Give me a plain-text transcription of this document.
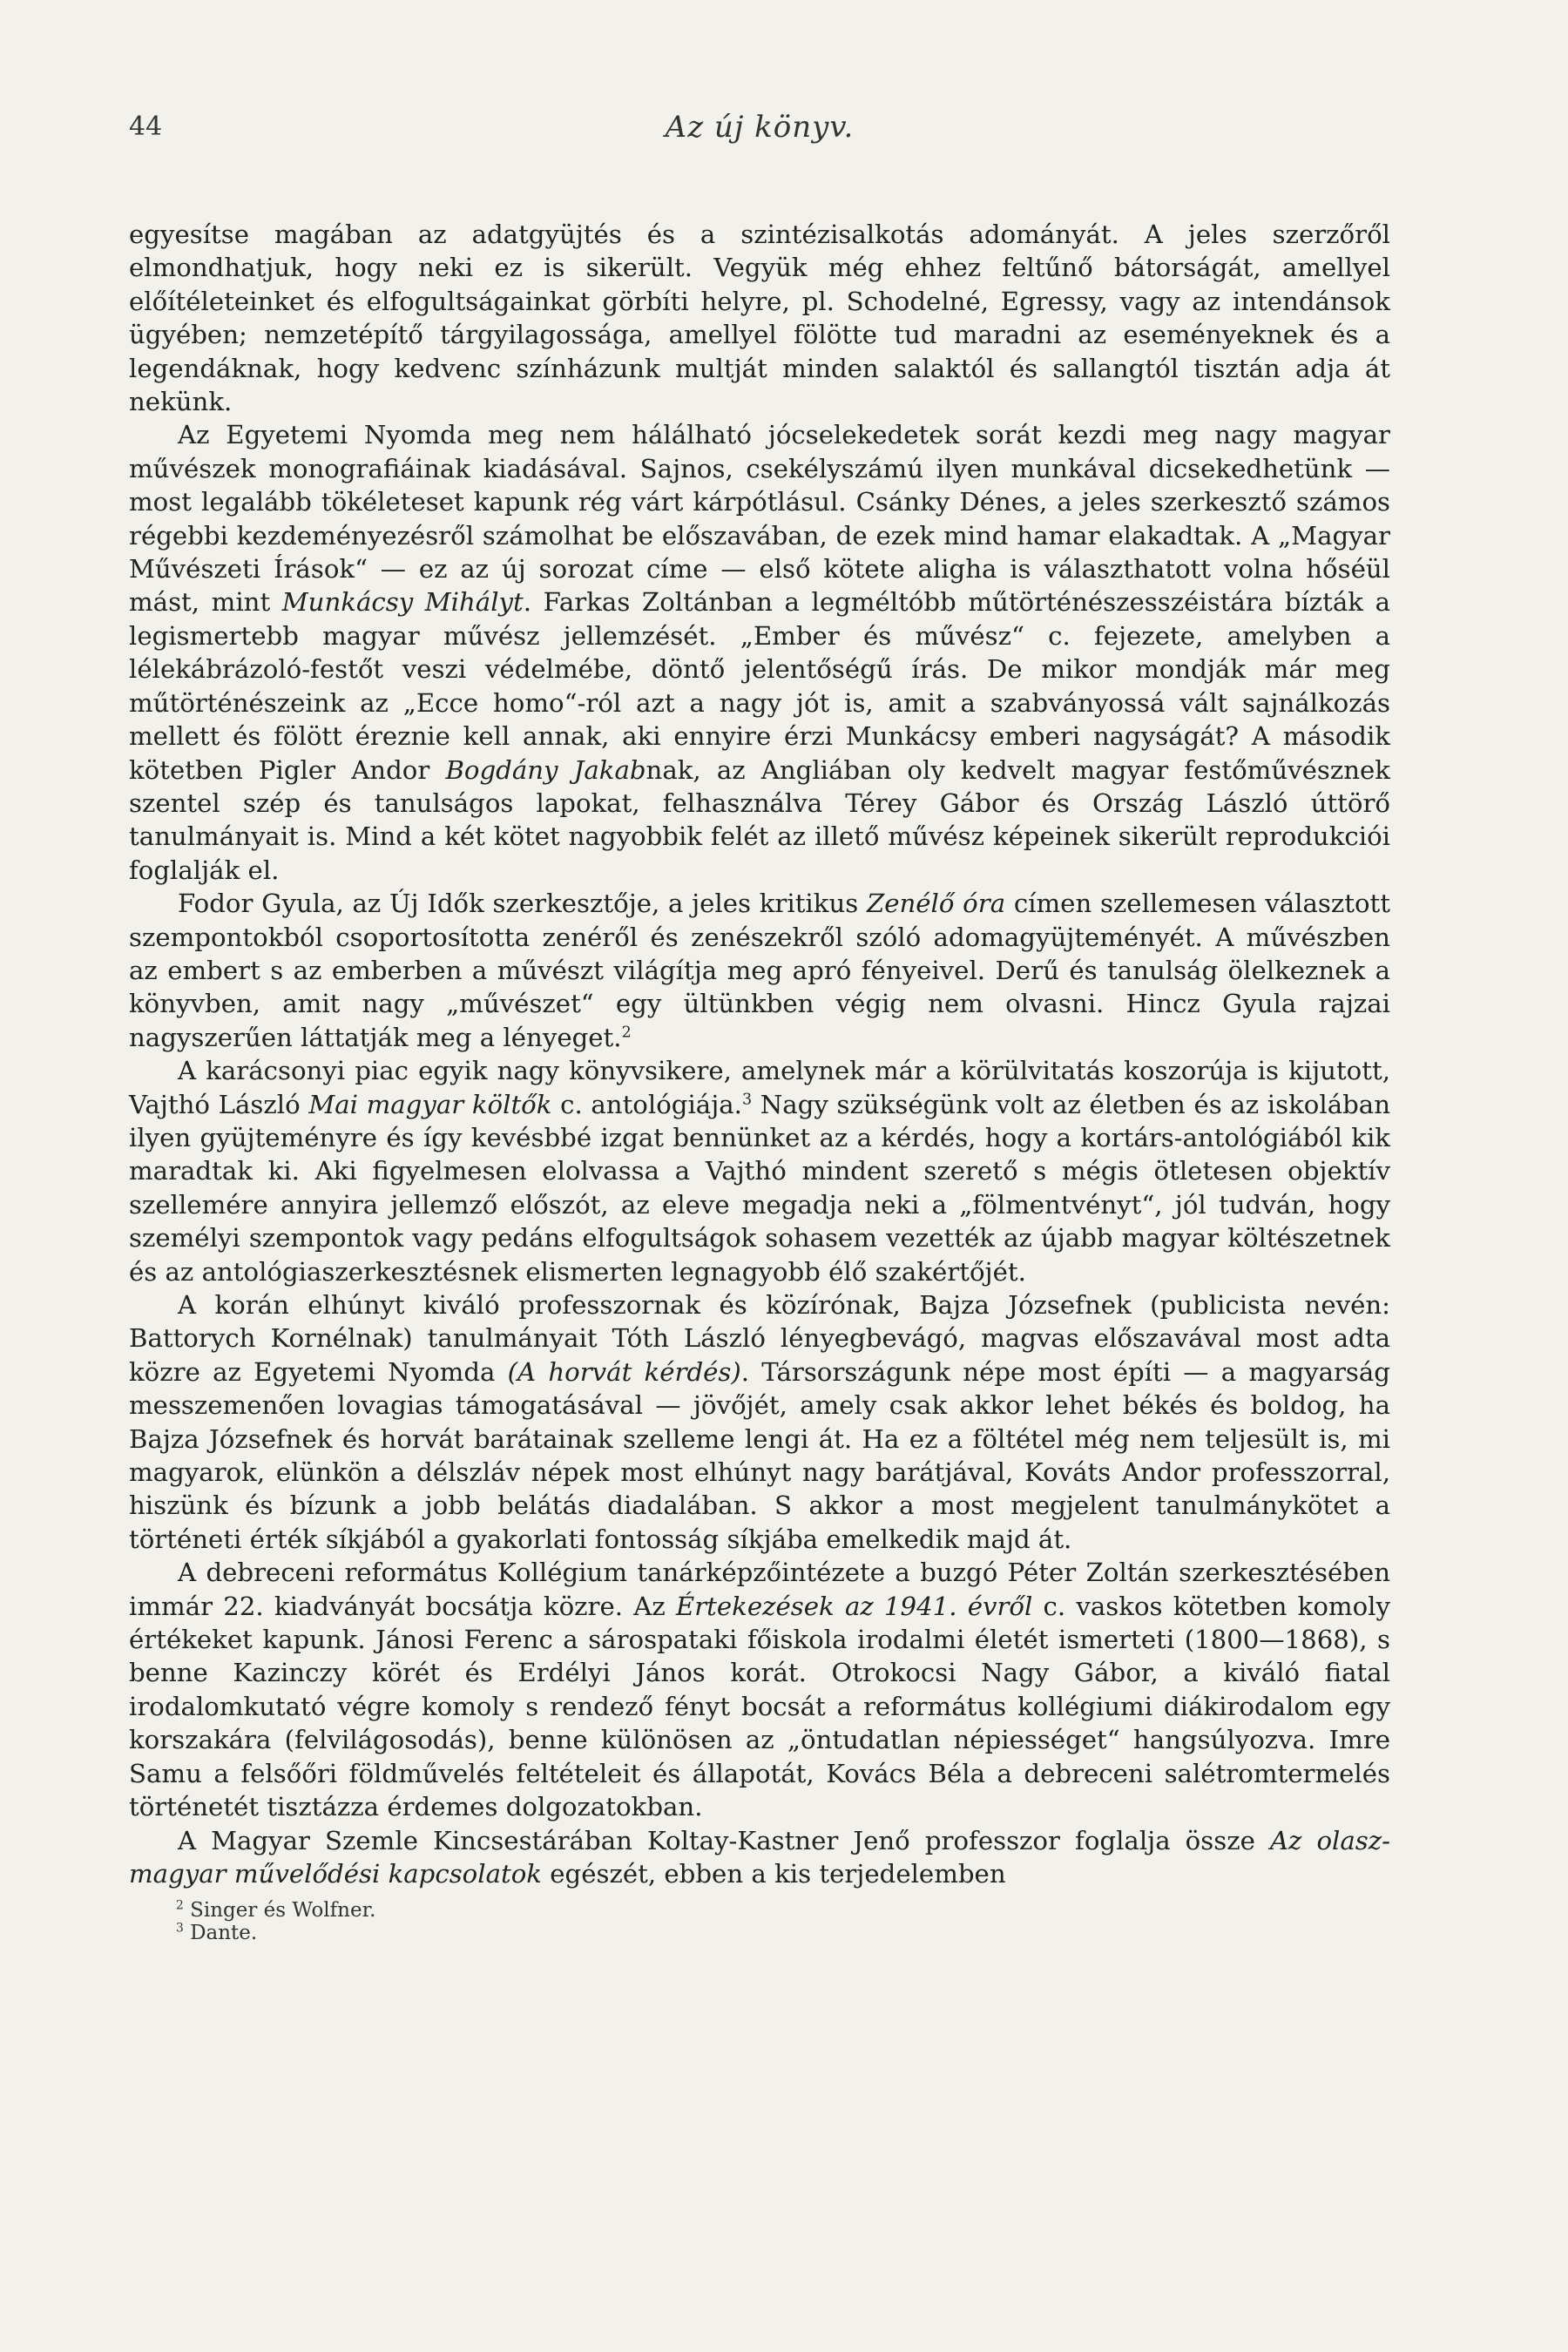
44	Az új könyv.

egyesítse magában az adatgyüjtés és a szintézisalkotás adományát. A jeles szerzőről elmondhatjuk, hogy neki ez is sikerült. Vegyük még ehhez feltűnő bátorságát, amellyel előítéleteinket és elfogultságainkat görbíti helyre, pl. Schodelné, Egressy, vagy az intendánsok ügyében; nemzetépítő tárgyilagossága, amellyel fölötte tud maradni az eseményeknek és a legendáknak, hogy kedvenc színházunk multját minden salaktól és sallangtól tisztán adja át nekünk.

Az Egyetemi Nyomda meg nem hálálható jócselekedetek sorát kezdi meg nagy magyar művészek monografiáinak kiadásával. Sajnos, csekélyszámú ilyen munkával dicsekedhetünk — most legalább tökéleteset kapunk rég várt kárpótlásul. Csánky Dénes, a jeles szerkesztő számos régebbi kezdeményezésről számolhat be előszavában, de ezek mind hamar elakadtak. A „Magyar Művészeti Írások“ — ez az új sorozat címe — első kötete aligha is választhatott volna hőséül mást, mint Munkácsy Mihályt. Farkas Zoltánban a legméltóbb műtörténészesszéistára bízták a legismertebb magyar művész jellemzését. „Ember és művész“ c. fejezete, amelyben a lélekábrázoló-festőt veszi védelmébe, döntő jelentőségű írás. De mikor mondják már meg műtörténészeink az „Ecce homo“-ról azt a nagy jót is, amit a szabványossá vált sajnálkozás mellett és fölött éreznie kell annak, aki ennyire érzi Munkácsy emberi nagyságát? A második kötetben Pigler Andor Bogdány Jakabnak, az Angliában oly kedvelt magyar festőművésznek szentel szép és tanulságos lapokat, felhasználva Térey Gábor és Ország László úttörő tanulmányait is. Mind a két kötet nagyobbik felét az illető művész képeinek sikerült reprodukciói foglalják el.

Fodor Gyula, az Új Idők szerkesztője, a jeles kritikus Zenélő óra címen szellemesen választott szempontokból csoportosította zenéről és zenészekről szóló adomagyüjteményét. A művészben az embert s az emberben a művészt világítja meg apró fényeivel. Derű és tanulság ölelkeznek a könyvben, amit nagy „művészet“ egy ültünkben végig nem olvasni. Hincz Gyula rajzai nagyszerűen láttatják meg a lényeget.$^2$

A karácsonyi piac egyik nagy könyvsikere, amelynek már a körülvitatás koszorúja is kijutott, Vajthó László Mai magyar költők c. antológiája.$^3$ Nagy szükségünk volt az életben és az iskolában ilyen gyüjteményre és így kevésbbé izgat bennünket az a kérdés, hogy a kortárs-antológiából kik maradtak ki. Aki figyelmesen elolvassa a Vajthó mindent szerető s mégis ötletesen objektív szellemére annyira jellemző előszót, az eleve megadja neki a „fölmentvényt“, jól tudván, hogy személyi szempontok vagy pedáns elfogultságok sohasem vezették az újabb magyar költészetnek és az antológiaszerkesztésnek elismerten legnagyobb élő szakértőjét.

A korán elhúnyt kiváló professzornak és közírónak, Bajza Józsefnek (publicista nevén: Battorych Kornélnak) tanulmányait Tóth László lényegbevágó, magvas előszavával most adta közre az Egyetemi Nyomda (A horvát kérdés). Társországunk népe most építi — a magyarság messzemenően lovagias támogatásával — jövőjét, amely csak akkor lehet békés és boldog, ha Bajza Józsefnek és horvát barátainak szelleme lengi át. Ha ez a föltétel még nem teljesült is, mi magyarok, elünkön a délszláv népek most elhúnyt nagy barátjával, Kováts Andor professzorral, hiszünk és bízunk a jobb belátás diadalában. S akkor a most megjelent tanulmánykötet a történeti érték síkjából a gyakorlati fontosság síkjába emelkedik majd át.

A debreceni református Kollégium tanárképzőintézete a buzgó Péter Zoltán szerkesztésében immár 22. kiadványát bocsátja közre. Az Értekezések az 1941. évről c. vaskos kötetben komoly értékeket kapunk. Jánosi Ferenc a sárospataki főiskola irodalmi életét ismerteti (1800—1868), s benne Kazinczy körét és Erdélyi János korát. Otrokocsi Nagy Gábor, a kiváló fiatal irodalomkutató végre komoly s rendező fényt bocsát a református kollégiumi diákirodalom egy korszakára (felvilágosodás), benne különösen az „öntudatlan népiességet“ hangsúlyozva. Imre Samu a felsőőri földművelés feltételeit és állapotát, Kovács Béla a debreceni salétromtermelés történetét tisztázza érdemes dolgozatokban.

A Magyar Szemle Kincsestárában Koltay-Kastner Jenő professzor foglalja össze Az olasz-magyar művelődési kapcsolatok egészét, ebben a kis terjedelemben

$^2$ Singer és Wolfner.
$^3$ Dante.
